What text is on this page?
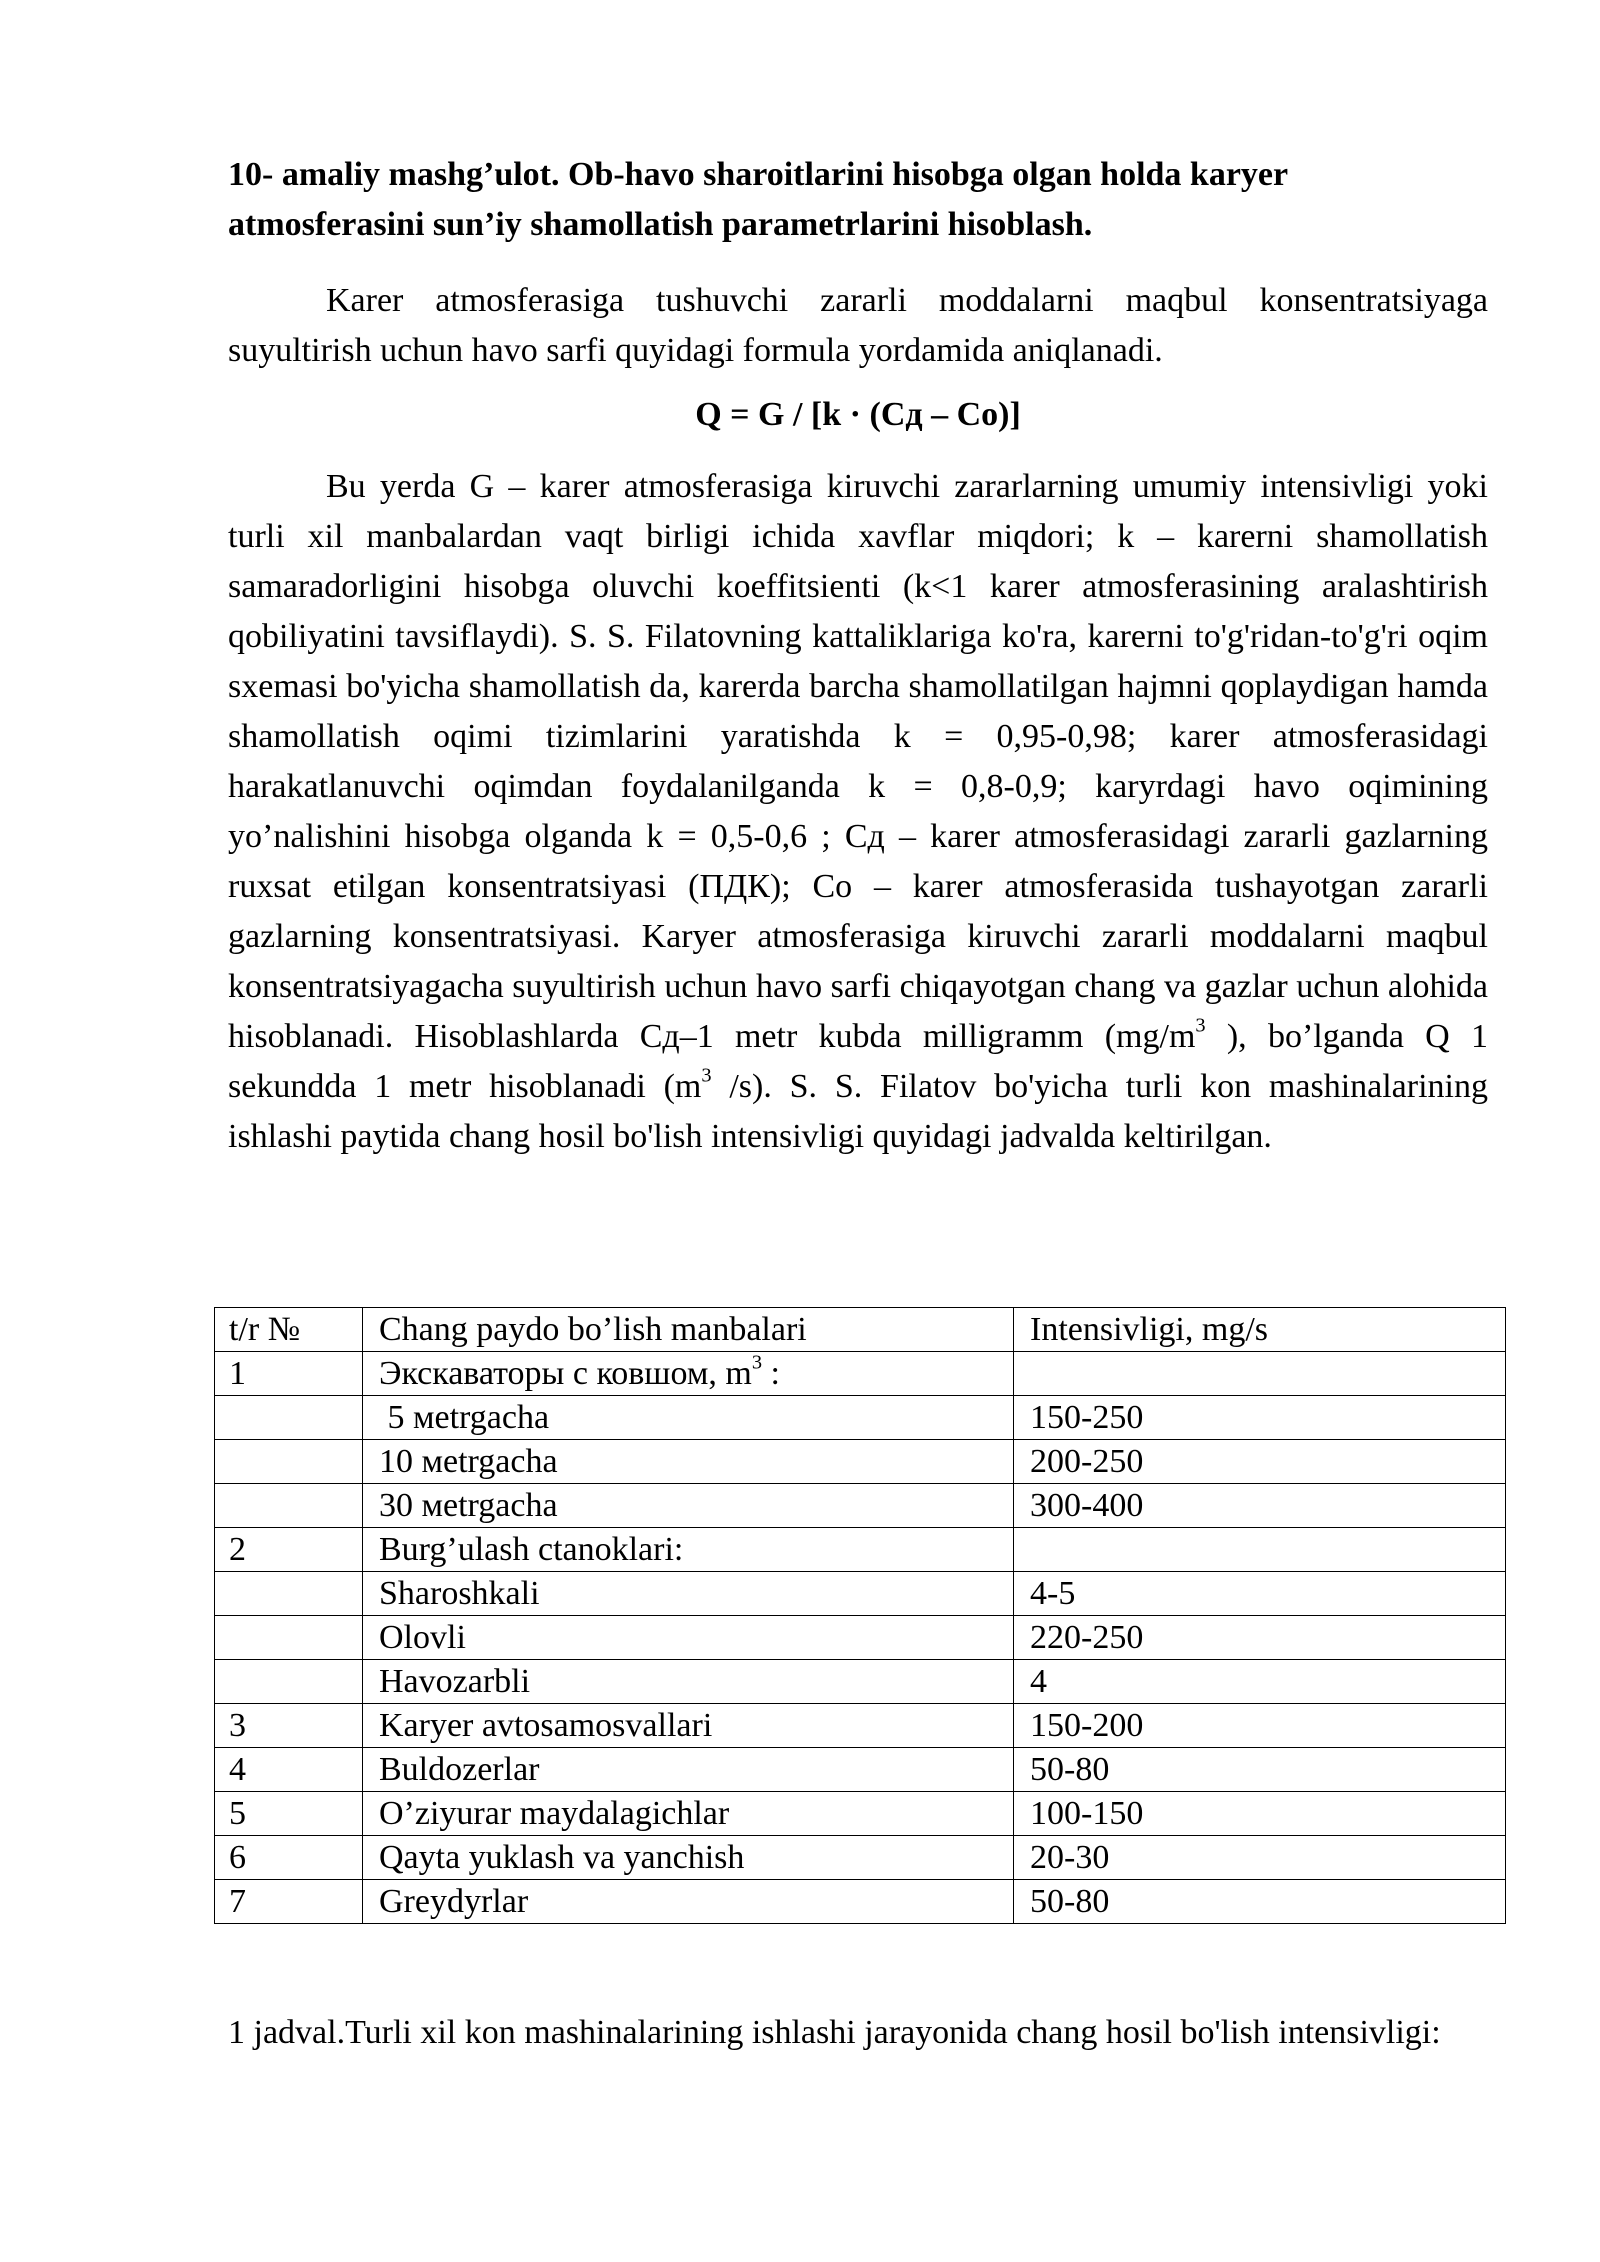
10- amaliy mashg’ulot. Ob-havo sharoitlarini hisobga olgan holda karyer atmosferasini sun’iy shamollatish parametrlarini hisoblash.

Karer atmosferasiga tushuvchi zararli moddalarni maqbul konsentratsiyaga suyultirish uchun havo sarfi quyidagi formula yordamida aniqlanadi.

Q = G / [k · (Сд – Сo)]

Bu yerda G – karer atmosferasiga kiruvchi zararlarning umumiy intensivligi yoki turli xil manbalardan vaqt birligi ichida xavflar miqdori; k – karerni shamollatish samaradorligini hisobga oluvchi koeffitsienti (k<1 karer atmosferasining aralashtirish qobiliyatini tavsiflaydi). S. S. Filatovning kattaliklariga ko'ra, karerni to'g'ridan-to'g'ri oqim sxemasi bo'yicha shamollatish da, karerda barcha shamollatilgan hajmni qoplaydigan hamda shamollatish oqimi tizimlarini yaratishda k = 0,95-0,98; karer atmosferasidagi harakatlanuvchi oqimdan foydalanilganda k = 0,8-0,9; karyrdagi havo oqimining yo’nalishini hisobga olganda k = 0,5-0,6 ; Сд – karer atmosferasidagi zararli gazlarning ruxsat etilgan konsentratsiyasi (ПДК); Сo – karer atmosferasida tushayotgan zararli gazlarning konsentratsiyasi. Karyer atmosferasiga kiruvchi zararli moddalarni maqbul konsentratsiyagacha suyultirish uchun havo sarfi chiqayotgan chang va gazlar uchun alohida hisoblanadi. Hisoblashlarda Сд–1 metr kubda milligramm ($mg/m^3$ ), bo’lganda Q 1 sekundda 1 metr hisoblanadi ($m^3$ /s). S. S. Filatov bo'yicha turli kon mashinalarining ishlashi paytida chang hosil bo'lish intensivligi quyidagi jadvalda keltirilgan.

t/r №	Chang paydo bo’lish manbalari	Intensivligi, mg/s
1	Экскаваторы с ковшом, $m^3$ :	
	5 мetrgacha	150-250
	10 мetrgacha	200-250
	30 мetrgacha	300-400
2	Burg’ulash ctanoklari:	
	Sharoshkali	4-5
	Olovli	220-250
	Havozarbli	4
3	Karyer avtosamosvallari	150-200
4	Buldozerlar	50-80
5	O’ziyurar maydalagichlar	100-150
6	Qayta yuklash va yanchish	20-30
7	Greydyrlar	50-80

1 jadval.Turli xil kon mashinalarining ishlashi jarayonida chang hosil bo'lish intensivligi:
